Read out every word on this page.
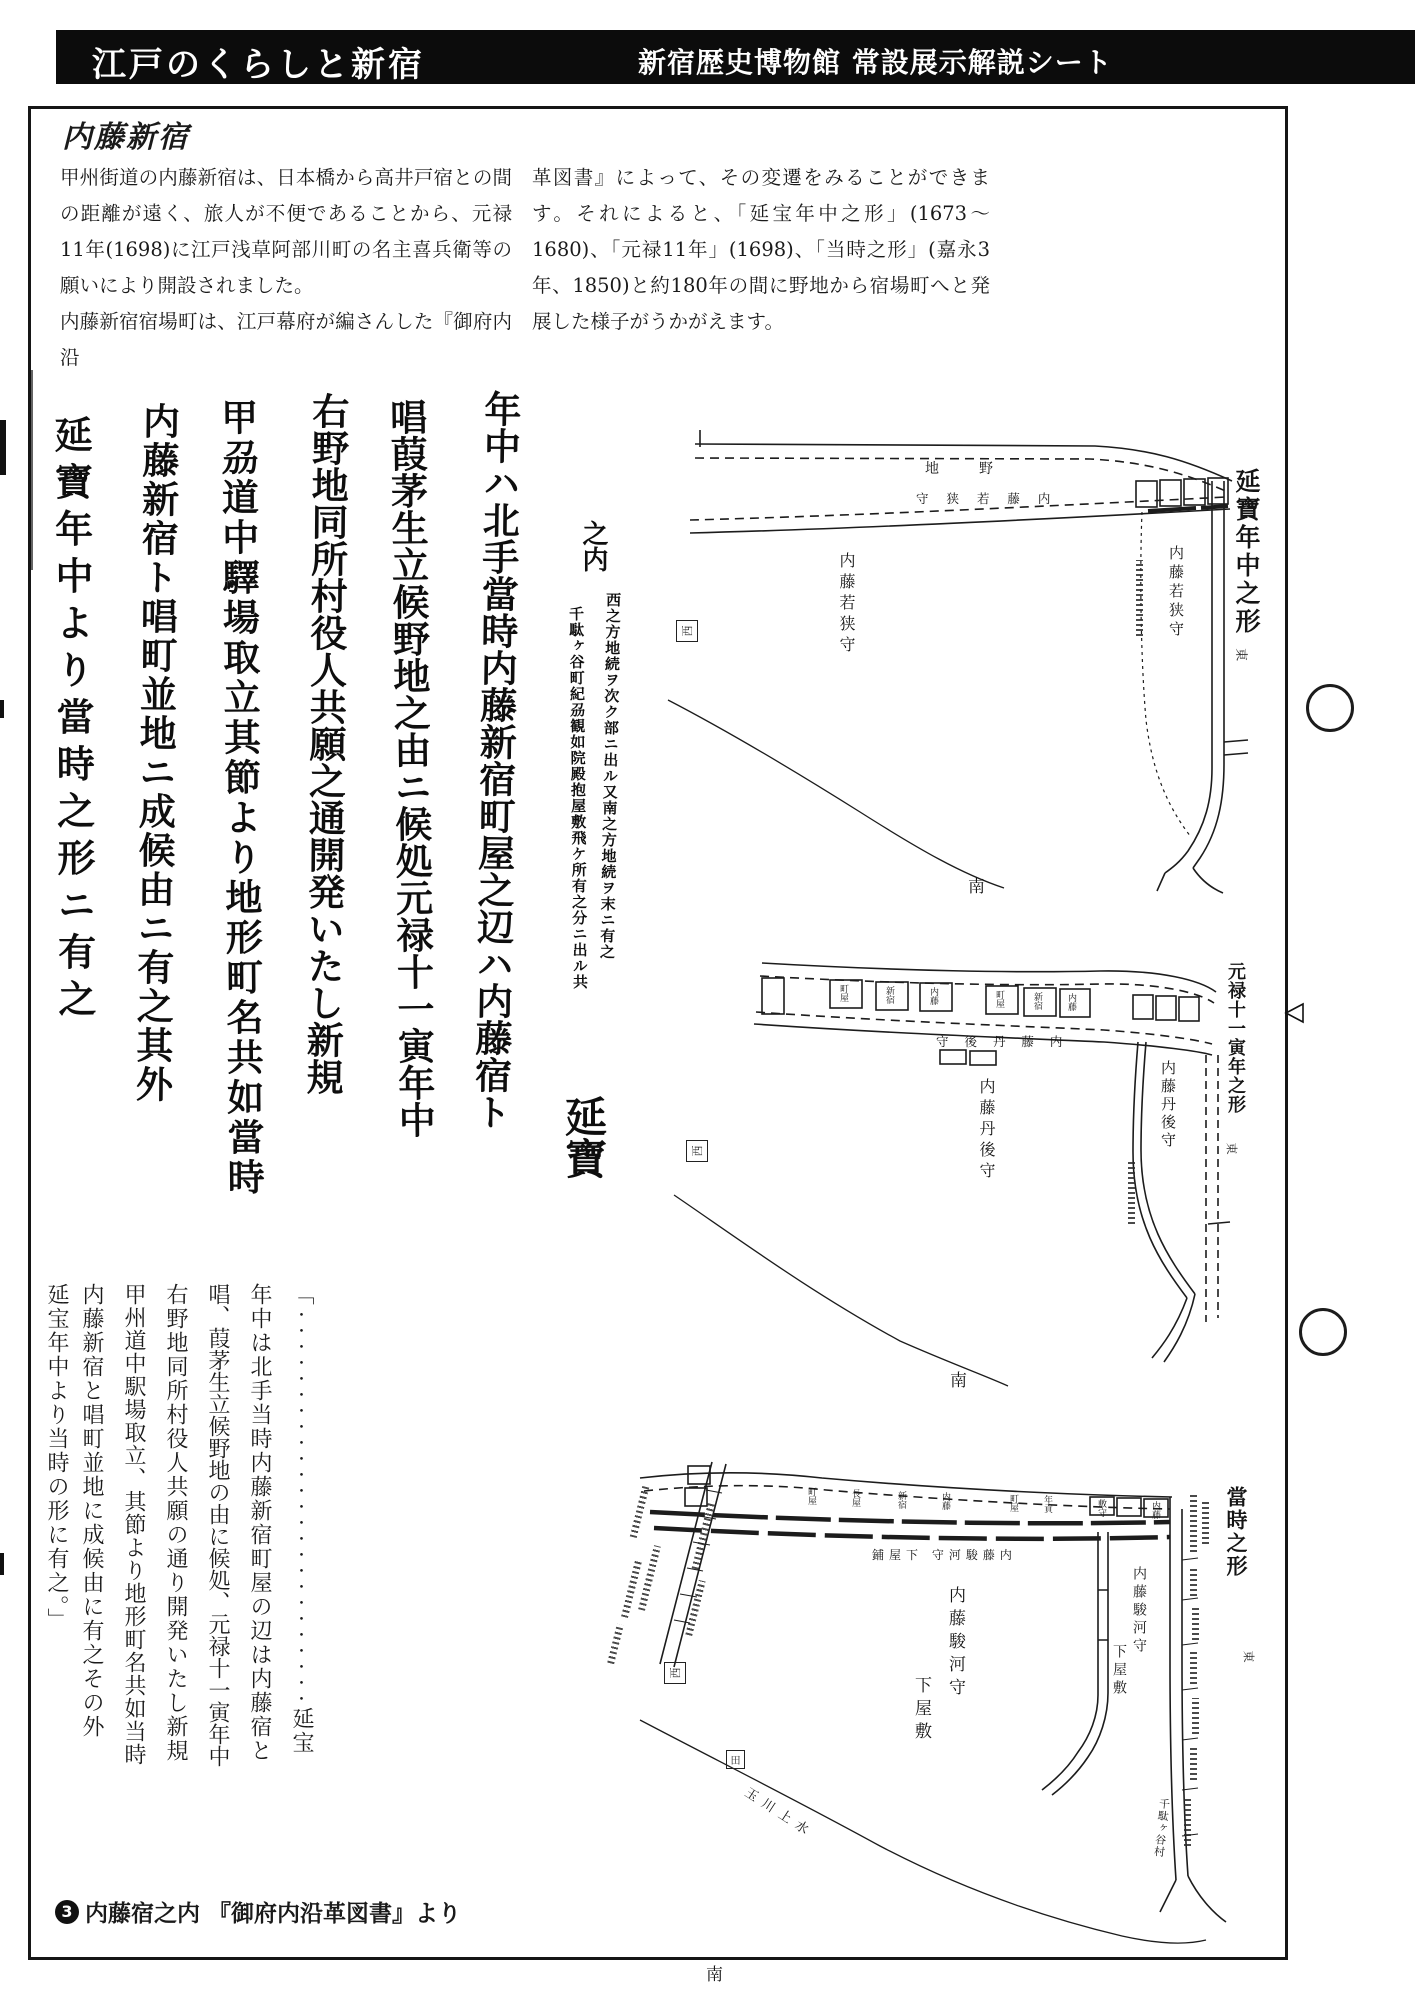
江戸のくらしと新宿	新宿歴史博物館 常設展示解説シート
内藤新宿

甲州街道の内藤新宿は、日本橋から高井戸宿との間の距離が遠く、旅人が不便であることから、元禄11年(1698)に江戸浅草阿部川町の名主喜兵衛等の願いにより開設されました。

内藤新宿宿場町は、江戸幕府が編さんした『御府内沿

革図書』によって、その変遷をみることができます。それによると、「延宝年中之形」(1673〜1680)、「元禄11年」(1698)、「当時之形」(嘉永3年、1850)と約180年の間に野地から宿場町へと発展した様子がうかがえます。

之内
西之方地続ヲ次ク部ニ出ル又南之方地続ヲ末ニ有之
千駄ヶ谷町紀刕観如院殿抱屋敷飛ケ所有之分ニ出ル共
延寶
年中ハ北手當時内藤新宿町屋之辺ハ内藤宿ト
唱葭茅生立候野地之由ニ候処元禄十一寅年中
右野地同所村役人共願之通開発いたし新規
甲刕道中驛場取立其節より地形町名共如當時
内藤新宿ト唱町並地ニ成候由ニ有之其外
延寶年中より當時之形ニ有之
「・・・・・・・・・・・・・・・・・・・・・・・・・延宝
年中は北手当時内藤新宿町屋の辺は内藤宿と
唱、葭茅生立候野地の由に候処、元禄十一寅年中
右野地同所村役人共願の通り開発いたし新規
甲州道中駅場取立、其節より地形町名共如当時
内藤新宿と唱町並地に成候由に有之その外
延宝年中より当時の形に有之。」
地　野
守 狭 若 藤 内
内藤若狭守	内藤若狭守 延寶年中之形
東
西
南
町屋	新宿	内藤	町屋	新宿	内藤
守 後 丹 藤 内
内藤丹後守	内藤丹後守	元禄十一寅年之形
東
西
南
町屋	長屋	新宿	内藤	町屋	年貢	敷守	内藤
鋪屋下 守河駿藤内
内藤駿河守
下屋敷
内藤駿河守
下屋敷
當時之形
東
西
南
玉川上水
田
千駄ヶ谷村
3 内藤宿之内 『御府内沿革図書』より
